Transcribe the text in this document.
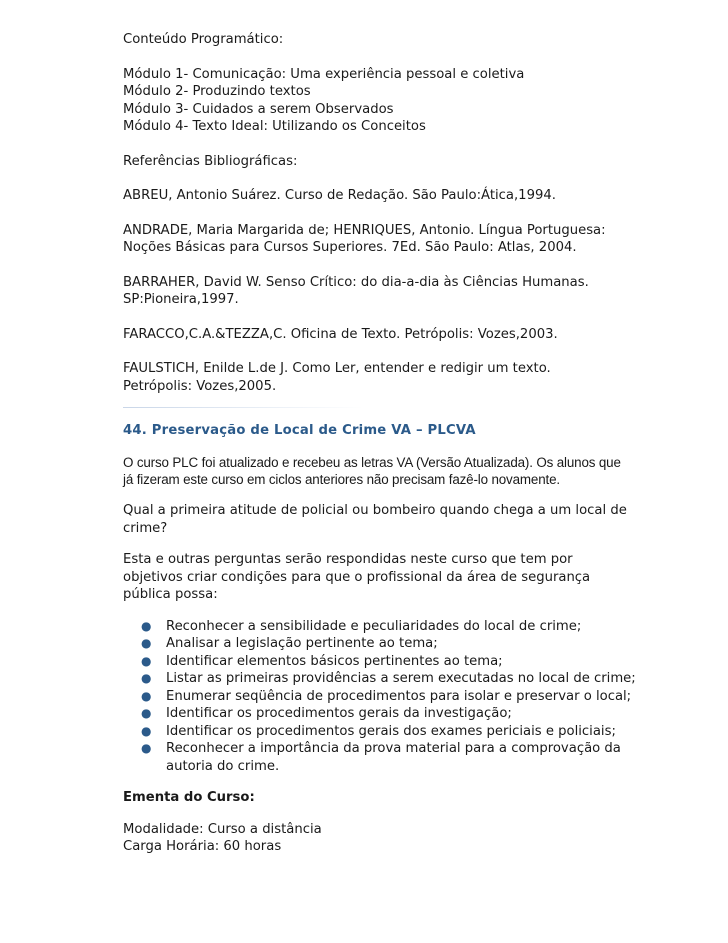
Conteúdo Programático:

Módulo 1- Comunicação: Uma experiência pessoal e coletiva

Módulo 2- Produzindo textos

Módulo 3- Cuidados a serem Observados

Módulo 4- Texto Ideal: Utilizando os Conceitos

Referências Bibliográficas:

ABREU, Antonio Suárez. Curso de Redação. São Paulo:Ática,1994.

ANDRADE, Maria Margarida de; HENRIQUES, Antonio. Língua Portuguesa:

Noções Básicas para Cursos Superiores. 7Ed. São Paulo: Atlas, 2004.

BARRAHER, David W. Senso Crítico: do dia-a-dia às Ciências Humanas.

SP:Pioneira,1997.

FARACCO,C.A.&TEZZA,C. Oficina de Texto. Petrópolis: Vozes,2003.

FAULSTICH, Enilde L.de J. Como Ler, entender e redigir um texto.

Petrópolis: Vozes,2005.

44. Preservação de Local de Crime VA – PLCVA

O curso PLC foi atualizado e recebeu as letras VA (Versão Atualizada). Os alunos que

já fizeram este curso em ciclos anteriores não precisam fazê-lo novamente.

Qual a primeira atitude de policial ou bombeiro quando chega a um local de

crime?

Esta e outras perguntas serão respondidas neste curso que tem por

objetivos criar condições para que o profissional da área de segurança

pública possa:

● Reconhecer a sensibilidade e peculiaridades do local de crime;
● Analisar a legislação pertinente ao tema;
● Identificar elementos básicos pertinentes ao tema;
● Listar as primeiras providências a serem executadas no local de crime;
● Enumerar seqüência de procedimentos para isolar e preservar o local;
● Identificar os procedimentos gerais da investigação;
● Identificar os procedimentos gerais dos exames periciais e policiais;
● Reconhecer a importância da prova material para a comprovação da
autoria do crime.

Ementa do Curso:

Modalidade: Curso a distância

Carga Horária: 60 horas
